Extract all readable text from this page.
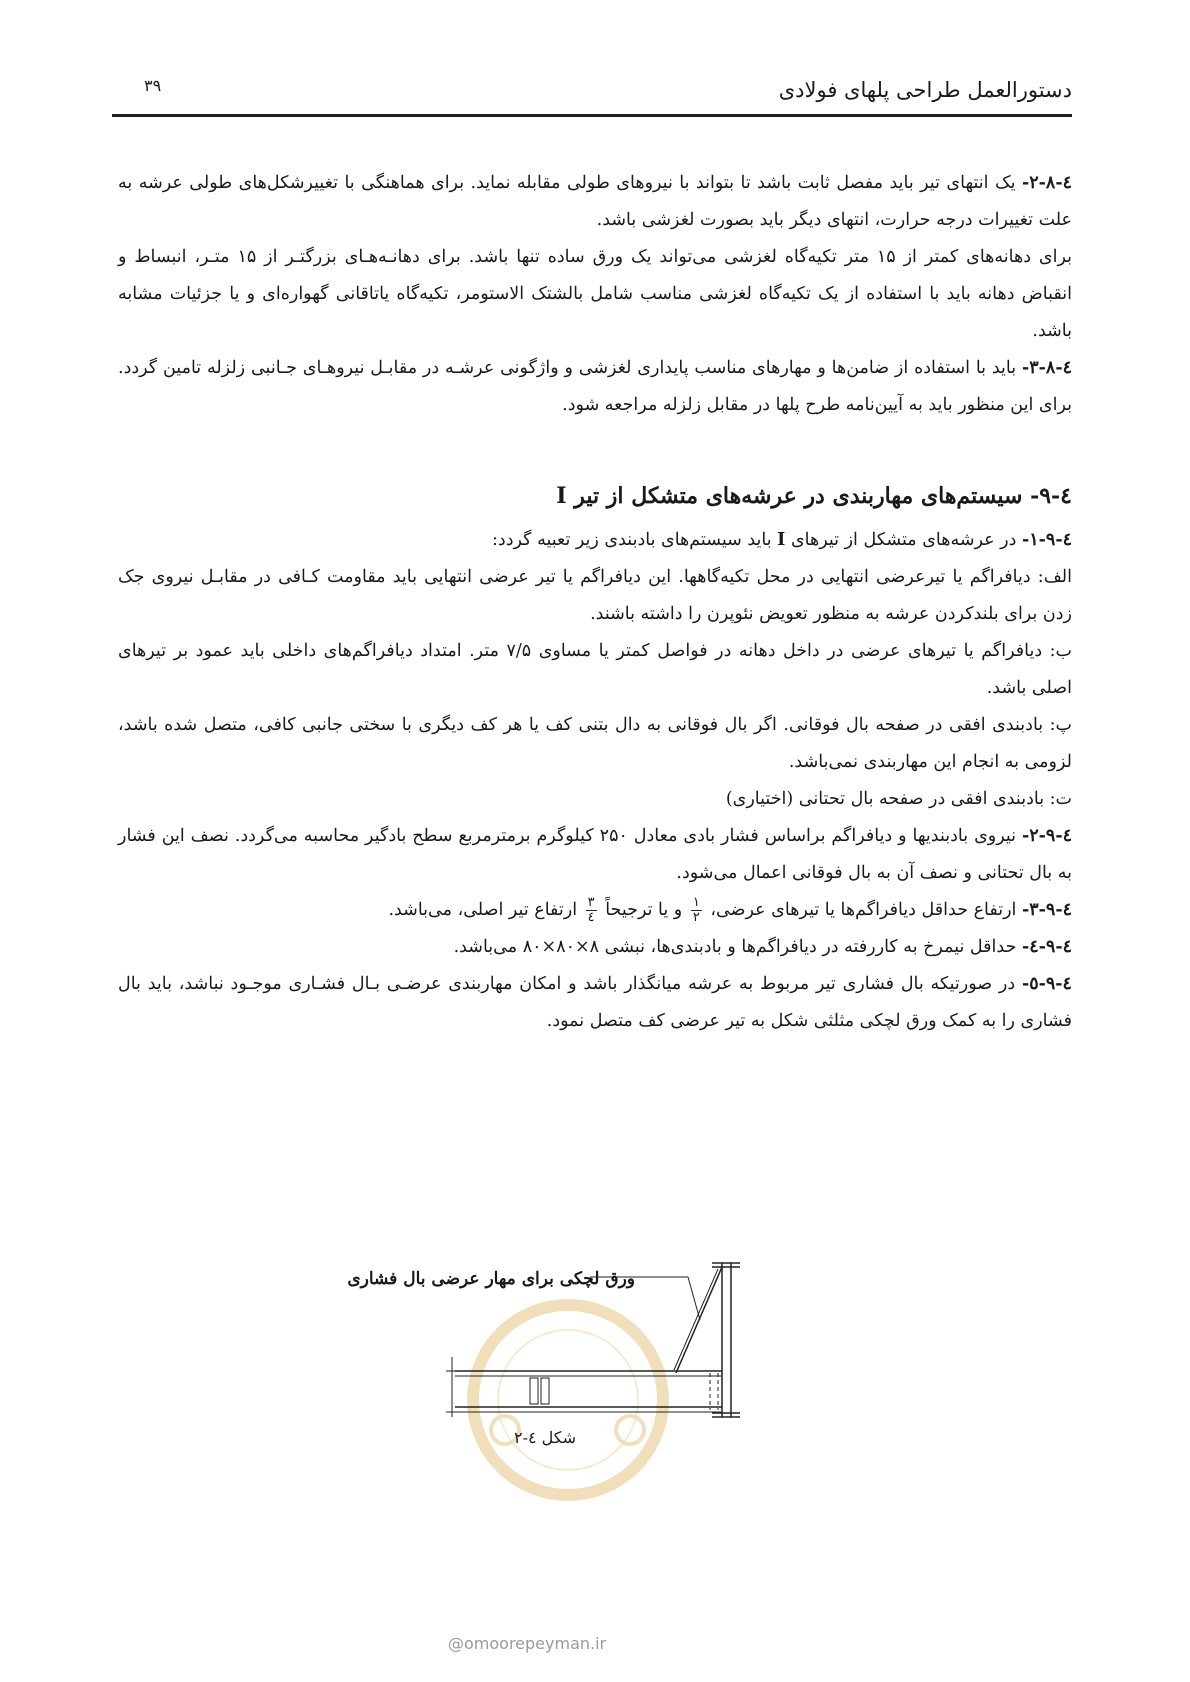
دستورالعمل طراحی پلهای فولادی
۳۹

٤-٨-٢- یک انتهای تیر باید مفصل ثابت باشد تا بتواند با نیروهای طولی مقابله نماید. برای هماهنگی با تغییرشکل‌های طولی عرشه به علت تغییرات درجه حرارت، انتهای دیگر باید بصورت لغزشی باشد.

برای دهانه‌های کمتر از ۱۵ متر تکیه‌گاه لغزشی می‌تواند یک ورق ساده تنها باشد. برای دهانـه‌هـای بزرگتـر از ۱۵ متـر، انبساط و انقباض دهانه باید با استفاده از یک تکیه‌گاه لغزشی مناسب شامل بالشتک الاستومر، تکیه‌گاه یاتاقانی گهواره‌ای و یا جزئیات مشابه باشد.

٤-٨-٣- باید با استفاده از ضامن‌ها و مهارهای مناسب پایداری لغزشی و واژگونی عرشـه در مقابـل نیروهـای جـانبی زلزله تامین گردد. برای این منظور باید به آیین‌نامه طرح پلها در مقابل زلزله مراجعه شود.

٤-٩- سیستم‌های مهاربندی در عرشه‌های متشکل از تیر I

٤-٩-١- در عرشه‌های متشکل از تیرهای I باید سیستم‌های بادبندی زیر تعبیه گردد:

الف: دیافراگم یا تیرعرضی انتهایی در محل تکیه‌گاهها. این دیافراگم یا تیر عرضی انتهایی باید مقاومت کـافی در مقابـل نیروی جک زدن برای بلندکردن عرشه به منظور تعویض نئوپرن را داشته باشند.

ب: دیافراگم یا تیرهای عرضی در داخل دهانه در فواصل کمتر یا مساوی ۷/۵ متر. امتداد دیافراگم‌های داخلی باید عمود بر تیرهای اصلی باشد.

پ: بادبندی افقی در صفحه بال فوقانی. اگر بال فوقانی به دال بتنی کف یا هر کف دیگری با سختی جانبی کافی، متصل شده باشد، لزومی به انجام این مهاربندی نمی‌باشد.

ت: بادبندی افقی در صفحه بال تحتانی (اختیاری)

٤-٩-٢- نیروی بادبندیها و دیافراگم براساس فشار بادی معادل ۲۵۰ کیلوگرم برمترمربع سطح بادگیر محاسبه می‌گردد. نصف این فشار به بال تحتانی و نصف آن به بال فوقانی اعمال می‌شود.

٤-٩-٣- ارتفاع حداقل دیافراگم‌ها یا تیرهای عرضی،
$\frac{۱}{۲}$
و یا ترجیحاً
$\frac{۳}{٤}$
ارتفاع تیر اصلی، می‌باشد.

٤-٩-٤- حداقل نیمرخ به کاررفته در دیافراگم‌ها و بادبندی‌ها، نبشی ۸×۸۰×۸۰ می‌باشد.

٤-٩-٥- در صورتیکه بال فشاری تیر مربوط به عرشه میانگذار باشد و امکان مهاربندی عرضـی بـال فشـاری موجـود نباشد، باید بال فشاری را به کمک ورق لچکی مثلثی شکل به تیر عرضی کف متصل نمود.

ورق لچکی برای مهار عرضی بال فشاری
شکل ٤-٢
@omoorepeyman.ir
